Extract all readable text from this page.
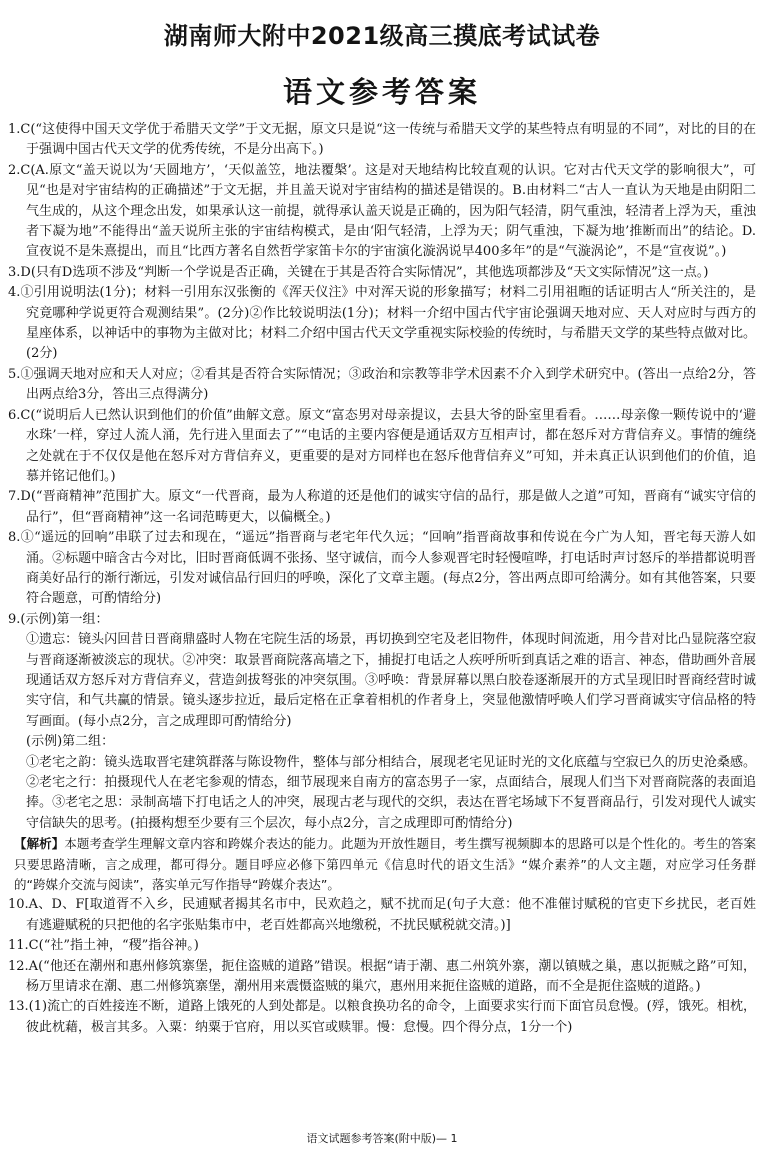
湖南师大附中2021级高三摸底考试试卷
语文参考答案

1.C(“这使得中国天文学优于希腊天文学”于文无据，原文只是说“这一传统与希腊天文学的某些特点有明显的不同”，对比的目的在于强调中国古代天文学的优秀传统，不是分出高下。)

2.C(A.原文“盖天说以为‘天圆地方’，‘天似盖笠，地法覆槃’。这是对天地结构比较直观的认识。它对古代天文学的影响很大”，可见“也是对宇宙结构的正确描述”于文无据，并且盖天说对宇宙结构的描述是错误的。B.由材料二“古人一直认为天地是由阴阳二气生成的，从这个理念出发，如果承认这一前提，就得承认盖天说是正确的，因为阳气轻清，阴气重浊，轻清者上浮为天，重浊者下凝为地”不能得出“盖天说所主张的宇宙结构模式，是由‘阳气轻清，上浮为天；阴气重浊，下凝为地’推断而出”的结论。D.宣夜说不是朱熹提出，而且“比西方著名自然哲学家笛卡尔的宇宙演化漩涡说早400多年”的是“气漩涡论”，不是“宣夜说”。)

3.D(只有D选项不涉及“判断一个学说是否正确，关键在于其是否符合实际情况”，其他选项都涉及“天文实际情况”这一点。)

4.①引用说明法(1分)；材料一引用东汉张衡的《浑天仪注》中对浑天说的形象描写；材料二引用祖暅的话证明古人“所关注的，是究竟哪种学说更符合观测结果”。(2分)②作比较说明法(1分)；材料一介绍中国古代宇宙论强调天地对应、天人对应时与西方的星座体系，以神话中的事物为主做对比；材料二介绍中国古代天文学重视实际校验的传统时，与希腊天文学的某些特点做对比。(2分)

5.①强调天地对应和天人对应；②看其是否符合实际情况；③政治和宗教等非学术因素不介入到学术研究中。(答出一点给2分，答出两点给3分，答出三点得满分)

6.C(“说明后人已然认识到他们的价值”曲解文意。原文“富态男对母亲提议，去县大爷的卧室里看看。……母亲像一颗传说中的‘避水珠’一样，穿过人流人涌，先行进入里面去了”“电话的主要内容便是通话双方互相声讨，都在怒斥对方背信弃义。事情的缠绕之处就在于不仅仅是他在怒斥对方背信弃义，更重要的是对方同样也在怒斥他背信弃义”可知，并未真正认识到他们的价值，追慕并铭记他们。)

7.D(“晋商精神”范围扩大。原文“一代晋商，最为人称道的还是他们的诚实守信的品行，那是做人之道”可知，晋商有“诚实守信的品行”，但“晋商精神”这一名词范畴更大，以偏概全。)

8.①“遥远的回响”串联了过去和现在，“遥远”指晋商与老宅年代久远；“回响”指晋商故事和传说在今广为人知，晋宅每天游人如涌。②标题中暗含古今对比，旧时晋商低调不张扬、坚守诚信，而今人参观晋宅时轻慢喧哗，打电话时声讨怒斥的举措都说明晋商美好品行的渐行渐远，引发对诚信品行回归的呼唤，深化了文章主题。(每点2分，答出两点即可给满分。如有其他答案，只要符合题意，可酌情给分)

9.(示例)第一组：

①遗忘：镜头闪回昔日晋商鼎盛时人物在宅院生活的场景，再切换到空宅及老旧物件，体现时间流逝，用今昔对比凸显院落空寂与晋商逐渐被淡忘的现状。②冲突：取景晋商院落高墙之下，捕捉打电话之人疾呼所听到真话之难的语言、神态，借助画外音展现通话双方怒斥对方背信弃义，营造剑拔弩张的冲突氛围。③呼唤：背景屏幕以黑白胶卷逐渐展开的方式呈现旧时晋商经营时诚实守信，和气共赢的情景。镜头逐步拉近，最后定格在正拿着相机的作者身上，突显他激情呼唤人们学习晋商诚实守信品格的特写画面。(每小点2分，言之成理即可酌情给分)

(示例)第二组：

①老宅之韵：镜头选取晋宅建筑群落与陈设物件，整体与部分相结合，展现老宅见证时光的文化底蕴与空寂已久的历史沧桑感。②老宅之行：拍摄现代人在老宅参观的情态，细节展现来自南方的富态男子一家，点面结合，展现人们当下对晋商院落的表面追捧。③老宅之思：录制高墙下打电话之人的冲突，展现古老与现代的交织，表达在晋宅场域下不复晋商品行，引发对现代人诚实守信缺失的思考。(拍摄构想至少要有三个层次，每小点2分，言之成理即可酌情给分)

【解析】本题考查学生理解文章内容和跨媒介表达的能力。此题为开放性题目，考生撰写视频脚本的思路可以是个性化的。考生的答案只要思路清晰，言之成理，都可得分。题目呼应必修下第四单元《信息时代的语文生活》“媒介素养”的人文主题，对应学习任务群的“跨媒介交流与阅读”，落实单元写作指导“跨媒介表达”。

10.A、D、F[取道胥不入乡，民逋赋者揭其名市中，民欢趋之，赋不扰而足(句子大意：他不准催讨赋税的官吏下乡扰民，老百姓有逃避赋税的只把他的名字张贴集市中，老百姓都高兴地缴税，不扰民赋税就交清。)]

11.C(“社”指土神，“稷”指谷神。)

12.A(“他还在潮州和惠州修筑寨堡，扼住盗贼的道路”错误。根据“请于潮、惠二州筑外寨，潮以镇贼之巢，惠以扼贼之路”可知，杨万里请求在潮、惠二州修筑寨堡，潮州用来震慑盗贼的巢穴，惠州用来扼住盗贼的道路，而不全是扼住盗贼的道路。)

13.(1)流亡的百姓接连不断，道路上饿死的人到处都是。以粮食换功名的命令，上面要求实行而下面官员怠慢。(殍，饿死。相枕，彼此枕藉，极言其多。入粟：纳粟于官府，用以买官或赎罪。慢：怠慢。四个得分点，1分一个)

语文试题参考答案(附中版)— 1
